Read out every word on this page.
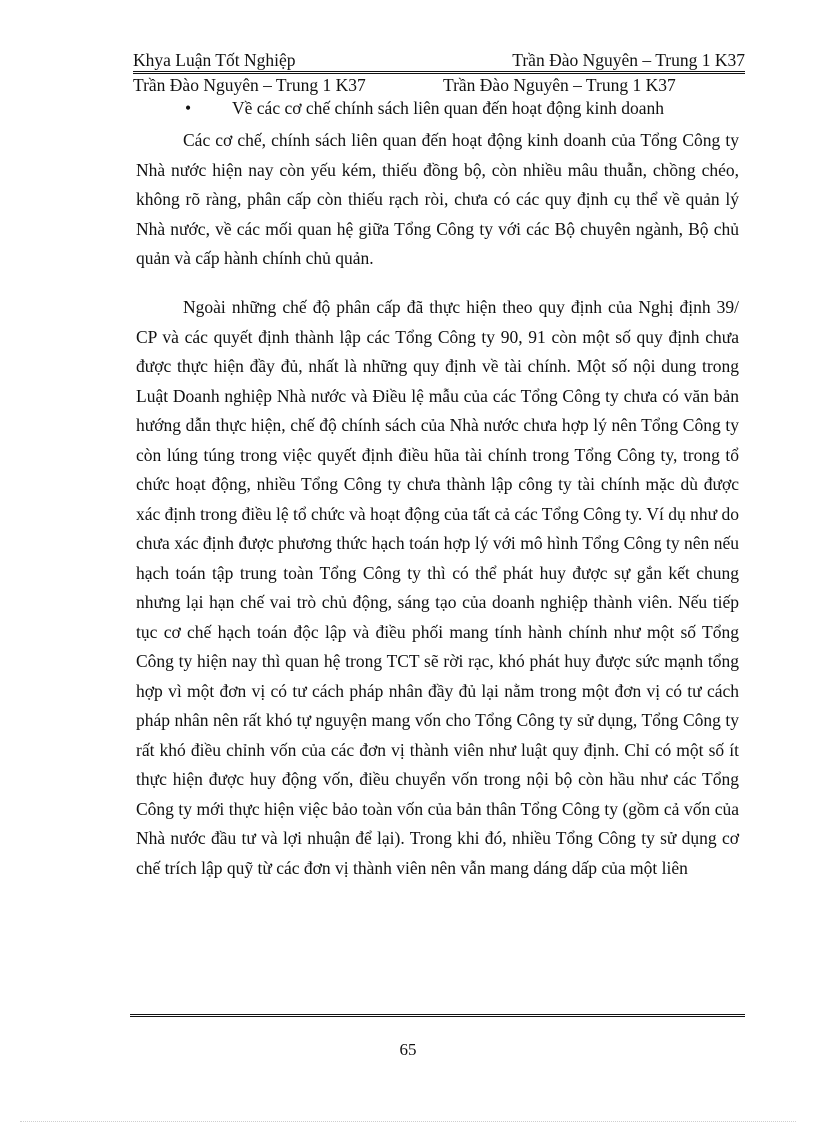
Khya Luận Tốt Nghiệp	Trần Đào Nguyên – Trung 1 K37
Trần Đào Nguyên – Trung 1 K37	Trần Đào Nguyên – Trung 1 K37
• Về các cơ chế chính sách liên quan đến hoạt động kinh doanh

Các cơ chế, chính sách liên quan đến hoạt động kinh doanh của Tổng Công ty Nhà nước hiện nay còn yếu kém, thiếu đồng bộ, còn nhiều mâu thuẫn, chồng chéo, không rõ ràng, phân cấp còn thiếu rạch ròi, chưa có các quy định cụ thể về quản lý Nhà nước, về các mối quan hệ giữa Tổng Công ty với các Bộ chuyên ngành, Bộ chủ quản và cấp hành chính chủ quản.

Ngoài những chế độ phân cấp đã thực hiện theo quy định của Nghị định 39/ CP và các quyết định thành lập các Tổng Công ty 90, 91 còn một số quy định chưa được thực hiện đầy đủ, nhất là những quy định về tài chính. Một số nội dung trong Luật Doanh nghiệp Nhà nước và Điều lệ mẫu của các Tổng Công ty chưa có văn bản hướng dẫn thực hiện, chế độ chính sách của Nhà nước chưa hợp lý nên Tổng Công ty còn lúng túng trong việc quyết định điều hũa tài chính trong Tổng Công ty, trong tổ chức hoạt động, nhiều Tổng Công ty chưa thành lập công ty tài chính mặc dù được xác định trong điều lệ tổ chức và hoạt động của tất cả các Tổng Công ty. Ví dụ như do chưa xác định được phương thức hạch toán hợp lý với mô hình Tổng Công ty nên nếu hạch toán tập trung toàn Tổng Công ty thì có thể phát huy được sự gắn kết chung nhưng lại hạn chế vai trò chủ động, sáng tạo của doanh nghiệp thành viên. Nếu tiếp tục cơ chế hạch toán độc lập và điều phối mang tính hành chính như một số Tổng Công ty hiện nay thì quan hệ trong TCT sẽ rời rạc, khó phát huy được sức mạnh tổng hợp vì một đơn vị có tư cách pháp nhân đầy đủ lại nằm trong một đơn vị có tư cách pháp nhân nên rất khó tự nguyện mang vốn cho Tổng Công ty sử dụng, Tổng Công ty rất khó điều chỉnh vốn của các đơn vị thành viên như luật quy định. Chỉ có một số ít thực hiện được huy động vốn, điều chuyển vốn trong nội bộ còn hầu như các Tổng Công ty mới thực hiện việc bảo toàn vốn của bản thân Tổng Công ty (gồm cả vốn của Nhà nước đầu tư và lợi nhuận để lại). Trong khi đó, nhiều Tổng Công ty sử dụng cơ chế trích lập quỹ từ các đơn vị thành viên nên vẫn mang dáng dấp của một liên

65
